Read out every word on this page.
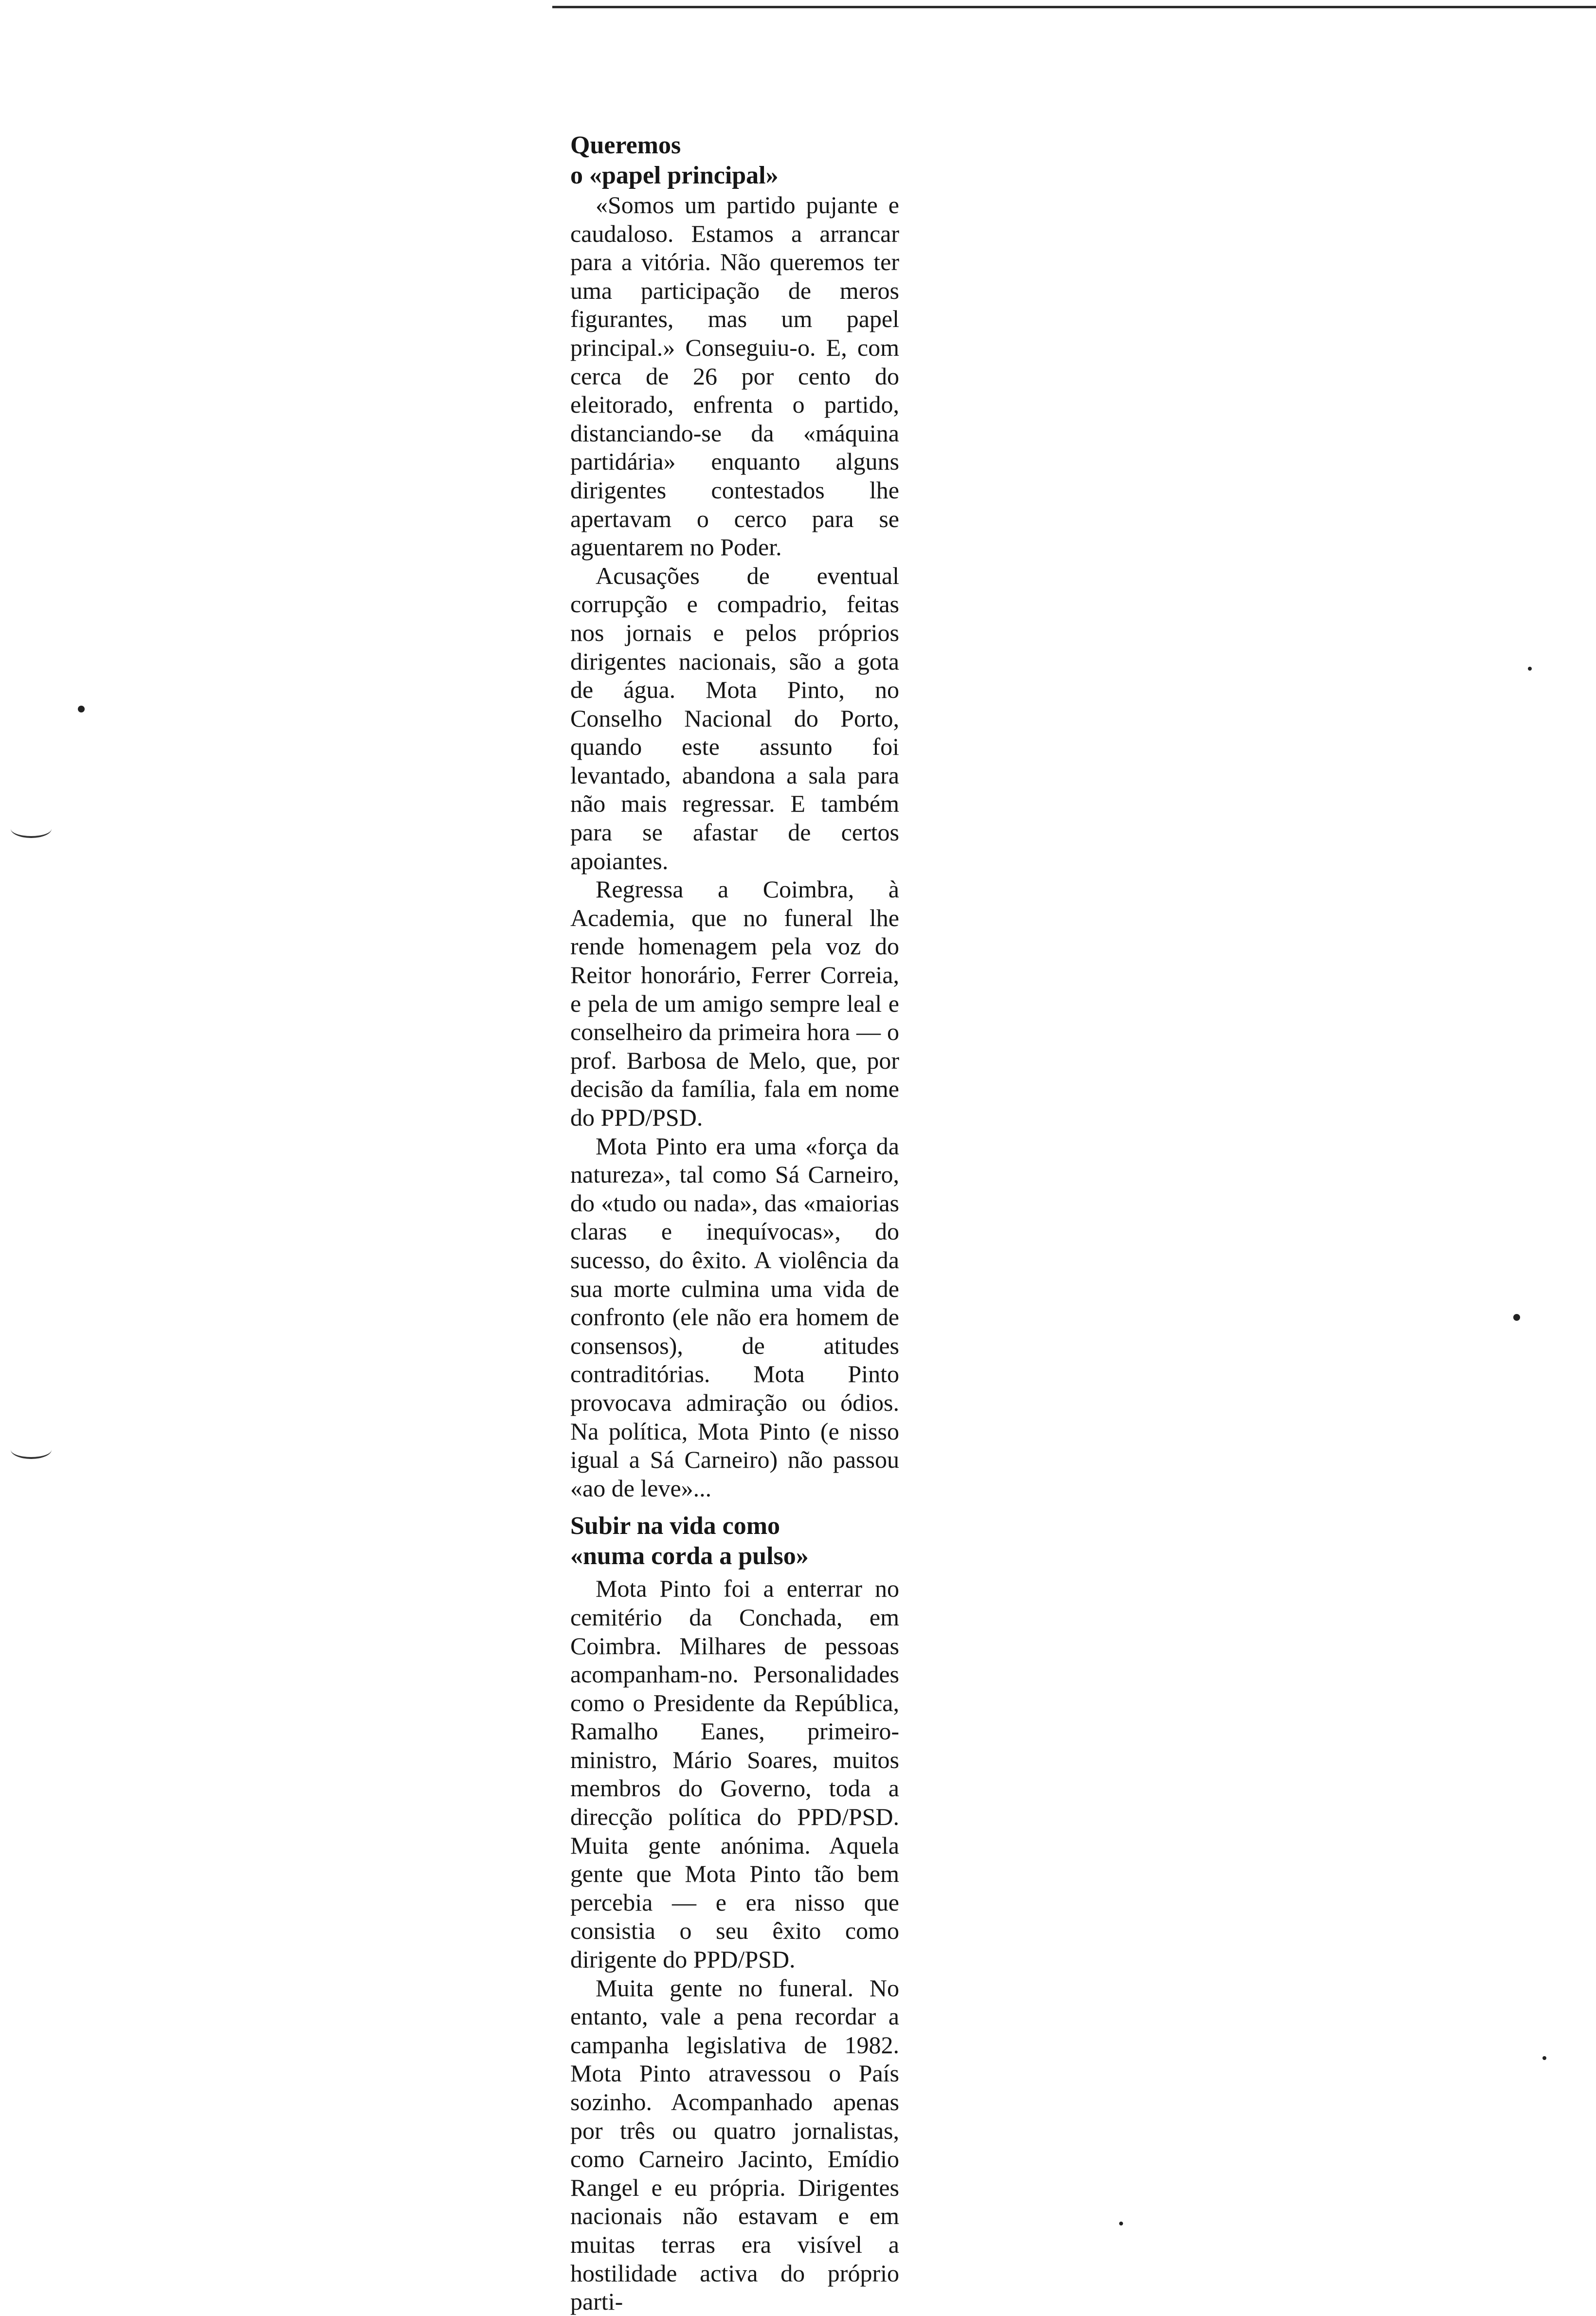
Queremos
o «papel principal»

«Somos um partido pujante e caudaloso. Estamos a arrancar para a vitória. Não queremos ter uma participação de meros figurantes, mas um papel principal.» Conseguiu-o. E, com cerca de 26 por cento do eleitorado, enfrenta o partido, distanciando-se da «máquina partidária» enquanto alguns dirigentes contestados lhe apertavam o cerco para se aguentarem no Poder.

Acusações de eventual corrupção e compadrio, feitas nos jornais e pelos próprios dirigentes nacionais, são a gota de água. Mota Pinto, no Conselho Nacional do Porto, quando este assunto foi levantado, abandona a sala para não mais regressar. E também para se afastar de certos apoiantes.

Regressa a Coimbra, à Academia, que no funeral lhe rende homenagem pela voz do Reitor honorário, Ferrer Correia, e pela de um amigo sempre leal e conselheiro da primeira hora — o prof. Barbosa de Melo, que, por decisão da família, fala em nome do PPD/PSD.

Mota Pinto era uma «força da natureza», tal como Sá Carneiro, do «tudo ou nada», das «maiorias claras e inequívocas», do sucesso, do êxito. A violência da sua morte culmina uma vida de confronto (ele não era homem de consensos), de atitudes contraditórias. Mota Pinto provocava admiração ou ódios. Na política, Mota Pinto (e nisso igual a Sá Carneiro) não passou «ao de leve»...

Subir na vida como
«numa corda a pulso»

Mota Pinto foi a enterrar no cemitério da Conchada, em Coimbra. Milhares de pessoas acompanham-no. Personalidades como o Presidente da República, Ramalho Eanes, primeiro-ministro, Mário Soares, muitos membros do Governo, toda a direcção política do PPD/PSD. Muita gente anónima. Aquela gente que Mota Pinto tão bem percebia — e era nisso que consistia o seu êxito como dirigente do PPD/PSD.

Muita gente no funeral. No entanto, vale a pena recordar a campanha legislativa de 1982. Mota Pinto atravessou o País sozinho. Acompanhado apenas por três ou quatro jornalistas, como Carneiro Jacinto, Emídio Rangel e eu própria. Dirigentes nacionais não estavam e em muitas terras era visível a hostilidade activa do próprio parti-
